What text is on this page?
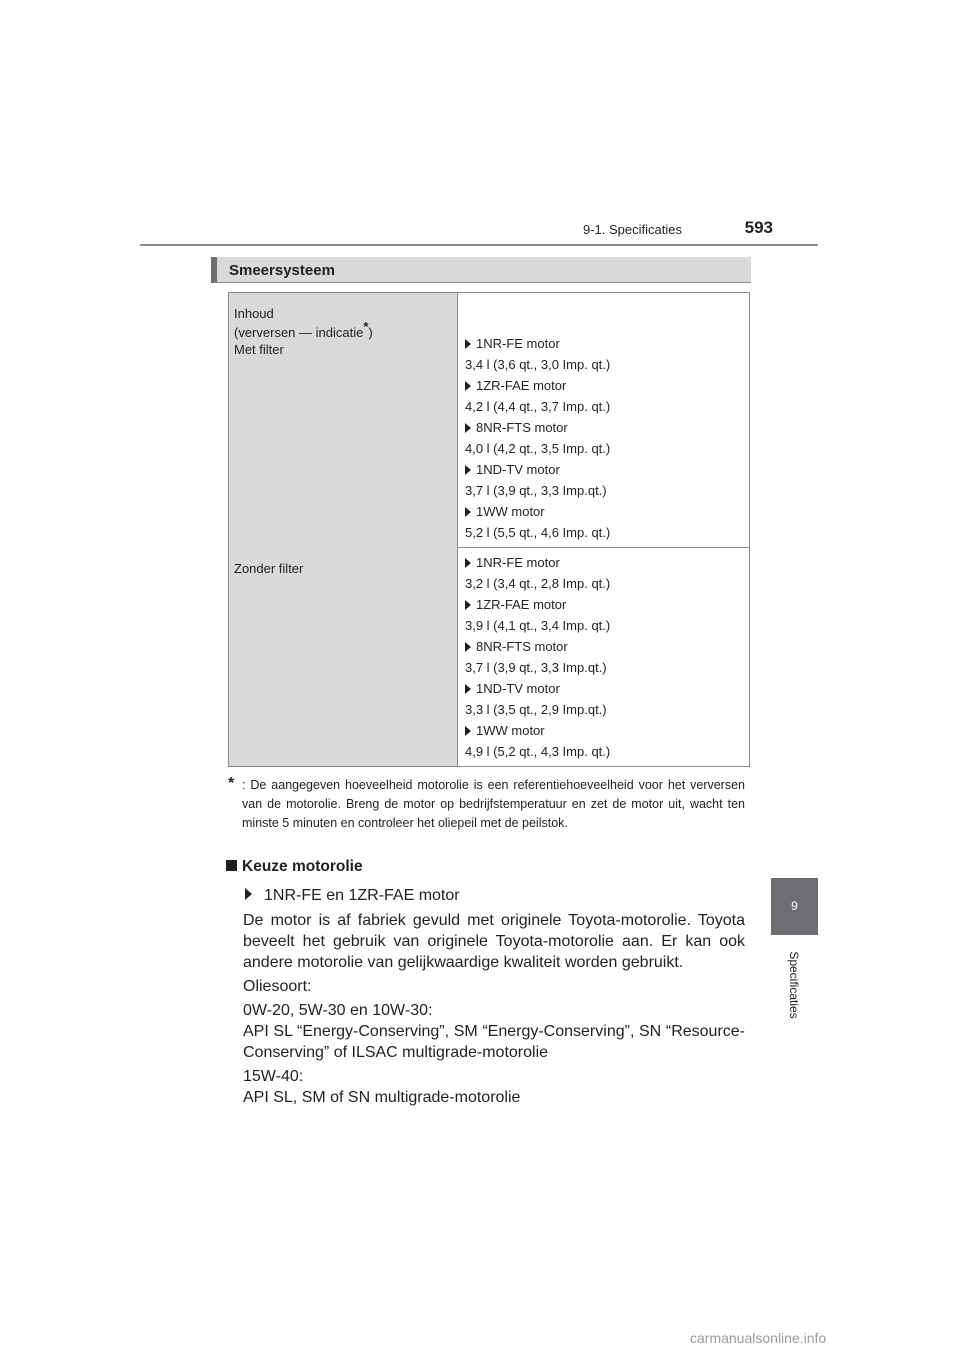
9-1. Specificaties	593
Smeersysteem
Inhoud
(verversen — indicatie*)
Met filter
Zonder filter
1NR-FE motor
3,4 l (3,6 qt., 3,0 Imp. qt.)
1ZR-FAE motor
4,2 l (4,4 qt., 3,7 Imp. qt.)
8NR-FTS motor
4,0 l (4,2 qt., 3,5 Imp. qt.)
1ND-TV motor
3,7 l (3,9 qt., 3,3 Imp.qt.)
1WW motor
5,2 l (5,5 qt., 4,6 Imp. qt.)
1NR-FE motor
3,2 l (3,4 qt., 2,8 Imp. qt.)
1ZR-FAE motor
3,9 l (4,1 qt., 3,4 Imp. qt.)
8NR-FTS motor
3,7 l (3,9 qt., 3,3 Imp.qt.)
1ND-TV motor
3,3 l (3,5 qt., 2,9 Imp.qt.)
1WW motor
4,9 l (5,2 qt., 4,3 Imp. qt.)
* : De aangegeven hoeveelheid motorolie is een referentiehoeveelheid voor het verversen van de motorolie. Breng de motor op bedrijfstemperatuur en zet de motor uit, wacht ten minste 5 minuten en controleer het oliepeil met de peilstok.
Keuze motorolie
1NR-FE en 1ZR-FAE motor
De motor is af fabriek gevuld met originele Toyota-motorolie. Toyota beveelt het gebruik van originele Toyota-motorolie aan. Er kan ook andere motorolie van gelijkwaardige kwaliteit worden gebruikt.
Oliesoort:
0W-20, 5W-30 en 10W-30:
API SL “Energy-Conserving”, SM “Energy-Conserving”, SN “Resource-Conserving” of ILSAC multigrade-motorolie
15W-40:
API SL, SM of SN multigrade-motorolie
9
Specificaties
carmanualsonline.info
